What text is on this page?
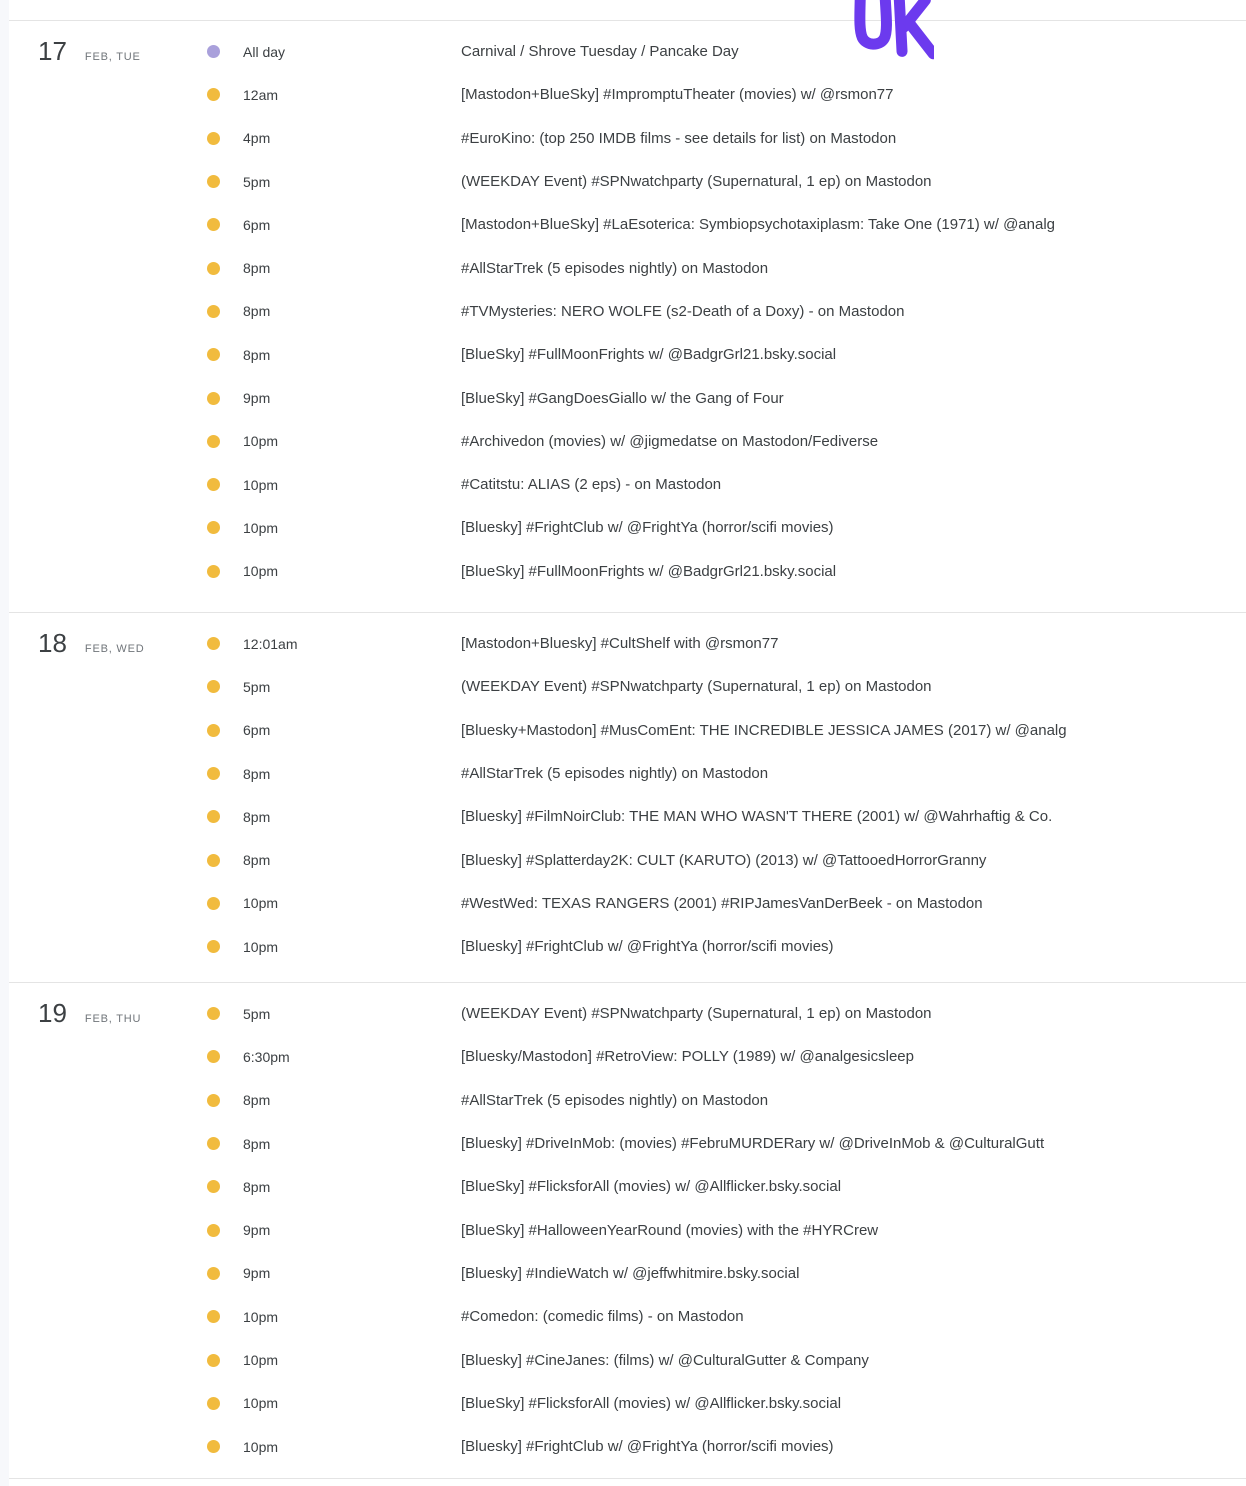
17 FEB, TUE	All day	Carnival / Shrove Tuesday / Pancake Day
12am	[Mastodon+BlueSky] #ImpromptuTheater (movies) w/ @rsmon77
4pm	#EuroKino: (top 250 IMDB films - see details for list) on Mastodon
5pm	(WEEKDAY Event) #SPNwatchparty (Supernatural, 1 ep) on Mastodon
6pm	[Mastodon+BlueSky] #LaEsoterica: Symbiopsychotaxiplasm: Take One (1971) w/ @analg
8pm	#AllStarTrek (5 episodes nightly) on Mastodon
8pm	#TVMysteries: NERO WOLFE (s2-Death of a Doxy) - on Mastodon
8pm	[BlueSky] #FullMoonFrights w/ @BadgrGrl21.bsky.social
9pm	[BlueSky] #GangDoesGiallo w/ the Gang of Four
10pm	#Archivedon (movies) w/ @jigmedatse on Mastodon/Fediverse
10pm	#Catitstu: ALIAS (2 eps) - on Mastodon
10pm	[Bluesky] #FrightClub w/ @FrightYa (horror/scifi movies)
10pm	[BlueSky] #FullMoonFrights w/ @BadgrGrl21.bsky.social
18 FEB, WED	12:01am	[Mastodon+Bluesky] #CultShelf with @rsmon77
5pm	(WEEKDAY Event) #SPNwatchparty (Supernatural, 1 ep) on Mastodon
6pm	[Bluesky+Mastodon] #MusComEnt: THE INCREDIBLE JESSICA JAMES (2017) w/ @analg
8pm	#AllStarTrek (5 episodes nightly) on Mastodon
8pm	[Bluesky] #FilmNoirClub: THE MAN WHO WASN'T THERE (2001) w/ @Wahrhaftig & Co.
8pm	[Bluesky] #Splatterday2K: CULT (KARUTO) (2013) w/ @TattooedHorrorGranny
10pm	#WestWed: TEXAS RANGERS (2001) #RIPJamesVanDerBeek - on Mastodon
10pm	[Bluesky] #FrightClub w/ @FrightYa (horror/scifi movies)
19 FEB, THU	5pm	(WEEKDAY Event) #SPNwatchparty (Supernatural, 1 ep) on Mastodon
6:30pm	[Bluesky/Mastodon] #RetroView: POLLY (1989) w/ @analgesicsleep
8pm	#AllStarTrek (5 episodes nightly) on Mastodon
8pm	[Bluesky] #DriveInMob: (movies) #FebruMURDERary w/ @DriveInMob & @CulturalGutt
8pm	[BlueSky] #FlicksforAll (movies) w/ @Allflicker.bsky.social
9pm	[BlueSky] #HalloweenYearRound (movies) with the #HYRCrew
9pm	[Bluesky] #IndieWatch w/ @jeffwhitmire.bsky.social
10pm	#Comedon: (comedic films) - on Mastodon
10pm	[Bluesky] #CineJanes: (films) w/ @CulturalGutter & Company
10pm	[BlueSky] #FlicksforAll (movies) w/ @Allflicker.bsky.social
10pm	[Bluesky] #FrightClub w/ @FrightYa (horror/scifi movies)
